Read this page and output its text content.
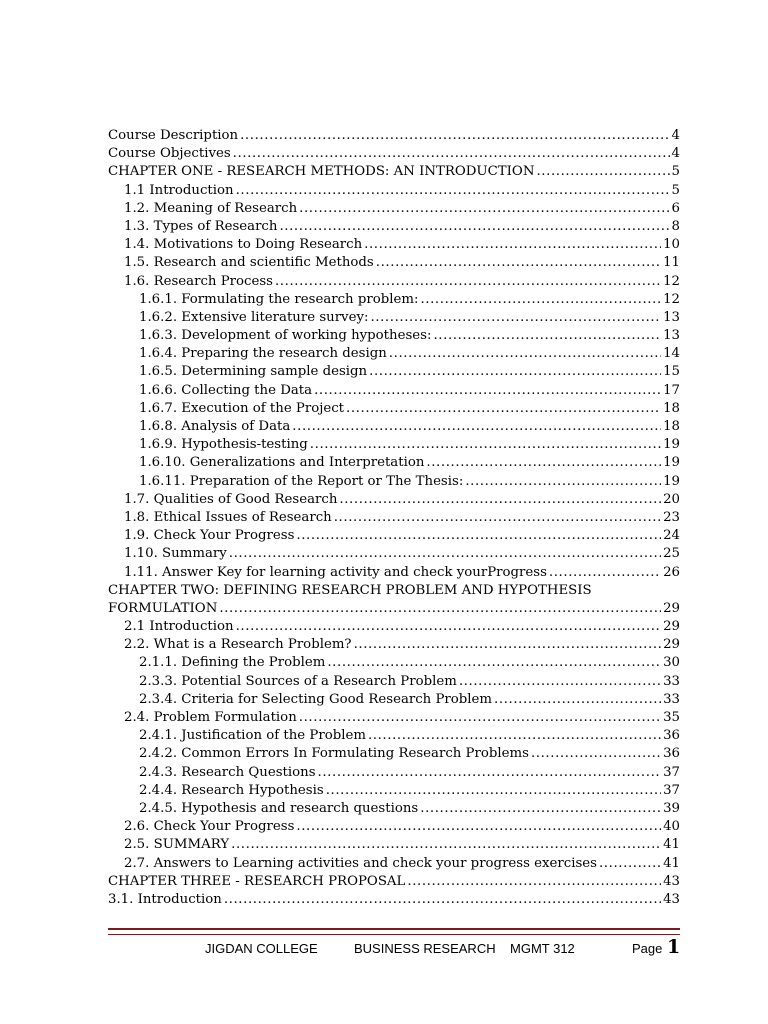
Course Description .....	4
Course Objectives .....	4
CHAPTER ONE - RESEARCH METHODS: AN INTRODUCTION .....	5
1.1 Introduction .....	5
1.2. Meaning of Research .....	6
1.3. Types of Research .....	8
1.4. Motivations to Doing Research .....	10
1.5. Research and scientific Methods .....	11
1.6. Research Process .....	12
1.6.1. Formulating the research problem: .....	12
1.6.2. Extensive literature survey: .....	13
1.6.3. Development of working hypotheses: .....	13
1.6.4. Preparing the research design .....	14
1.6.5. Determining sample design .....	15
1.6.6. Collecting the Data .....	17
1.6.7. Execution of the Project .....	18
1.6.8. Analysis of Data .....	18
1.6.9. Hypothesis-testing .....	19
1.6.10. Generalizations and Interpretation .....	19
1.6.11. Preparation of the Report or The Thesis: .....	19
1.7. Qualities of Good Research .....	20
1.8. Ethical Issues of Research .....	23
1.9. Check Your Progress .....	24
1.10. Summary .....	25
1.11. Answer Key for learning activity and check yourProgress .....	26
CHAPTER TWO: DEFINING RESEARCH PROBLEM AND HYPOTHESIS
FORMULATION .....	29
2.1 Introduction .....	29
2.2. What is a Research Problem? .....	29
2.1.1. Defining the Problem .....	30
2.3.3. Potential Sources of a Research Problem .....	33
2.3.4. Criteria for Selecting Good Research Problem .....	33
2.4. Problem Formulation .....	35
2.4.1. Justification of the Problem .....	36
2.4.2. Common Errors In Formulating Research Problems .....	36
2.4.3. Research Questions .....	37
2.4.4. Research Hypothesis .....	37
2.4.5. Hypothesis and research questions .....	39
2.6. Check Your Progress .....	40
2.5. SUMMARY .....	41
2.7. Answers to Learning activities and check your progress exercises .....	41
CHAPTER THREE - RESEARCH PROPOSAL .....	43
3.1. Introduction .....	43
JIGDAN COLLEGE	BUSINESS RESEARCH MGMT 312	Page 1
